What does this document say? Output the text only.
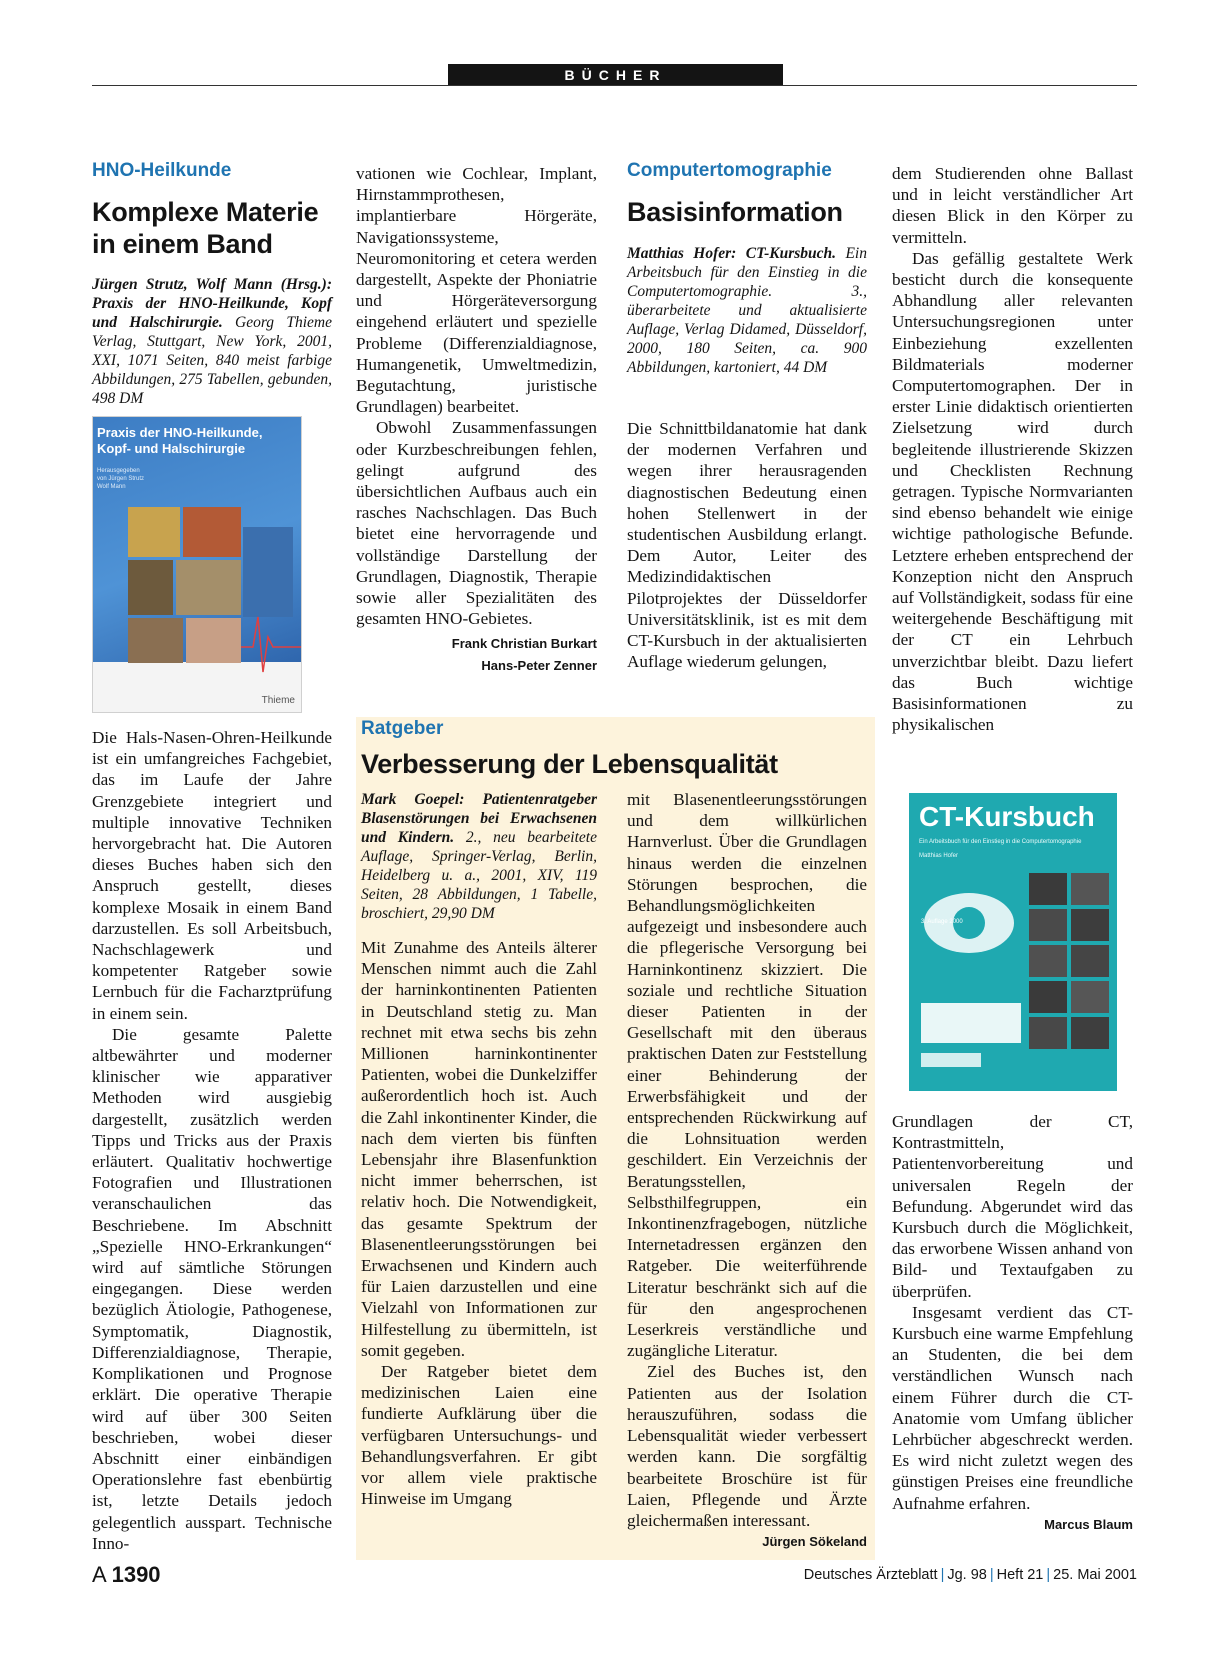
BÜCHER
HNO-Heilkunde
Komplexe Materie in einem Band
Jürgen Strutz, Wolf Mann (Hrsg.): Praxis der HNO-Heilkunde, Kopf und Halschirurgie. Georg Thieme Verlag, Stuttgart, New York, 2001, XXI, 1071 Seiten, 840 meist farbige Abbildungen, 275 Tabellen, gebunden, 498 DM
Praxis der HNO-Heilkunde, Kopf- und Halschirurgie
Herausgegeben von Jürgen Strutz Wolf Mann
Thieme

Die Hals-Nasen-Ohren-Heilkunde ist ein umfangreiches Fachgebiet, das im Laufe der Jahre Grenzgebiete integriert und multiple innovative Techniken hervorgebracht hat. Die Autoren dieses Buches haben sich den Anspruch gestellt, dieses komplexe Mosaik in einem Band darzustellen. Es soll Arbeitsbuch, Nachschlagewerk und kompetenter Ratgeber sowie Lernbuch für die Facharztprüfung in einem sein.

Die gesamte Palette altbewährter und moderner klinischer wie apparativer Methoden wird ausgiebig dargestellt, zusätzlich werden Tipps und Tricks aus der Praxis erläutert. Qualitativ hochwertige Fotografien und Illustrationen veranschaulichen das Beschriebene. Im Abschnitt „Spezielle HNO-Erkrankungen“ wird auf sämtliche Störungen eingegangen. Diese werden bezüglich Ätiologie, Pathogenese, Symptomatik, Diagnostik, Differenzialdiagnose, Therapie, Komplikationen und Prognose erklärt. Die operative Therapie wird auf über 300 Seiten beschrieben, wobei dieser Abschnitt einer einbändigen Operationslehre fast ebenbürtig ist, letzte Details jedoch gelegentlich ausspart. Technische Inno-

vationen wie Cochlear, Implant, Hirnstammprothesen, implantierbare Hörgeräte, Navigationssysteme, Neuromonitoring et cetera werden dargestellt, Aspekte der Phoniatrie und Hörgeräteversorgung eingehend erläutert und spezielle Probleme (Differenzialdiagnose, Humangenetik, Umweltmedizin, Begutachtung, juristische Grundlagen) bearbeitet.

Obwohl Zusammenfassungen oder Kurzbeschreibungen fehlen, gelingt aufgrund des übersichtlichen Aufbaus auch ein rasches Nachschlagen. Das Buch bietet eine hervorragende und vollständige Darstellung der Grundlagen, Diagnostik, Therapie sowie aller Spezialitäten des gesamten HNO-Gebietes.

Frank Christian Burkart
Hans-Peter Zenner
Computertomographie
Basisinformation
Matthias Hofer: CT-Kursbuch. Ein Arbeitsbuch für den Einstieg in die Computertomographie. 3., überarbeitete und aktualisierte Auflage, Verlag Didamed, Düsseldorf, 2000, 180 Seiten, ca. 900 Abbildungen, kartoniert, 44 DM

Die Schnittbildanatomie hat dank der modernen Verfahren und wegen ihrer herausragenden diagnostischen Bedeutung einen hohen Stellenwert in der studentischen Ausbildung erlangt. Dem Autor, Leiter des Medizindidaktischen Pilotprojektes der Düsseldorfer Universitätsklinik, ist es mit dem CT-Kursbuch in der aktualisierten Auflage wiederum gelungen,

dem Studierenden ohne Ballast und in leicht verständlicher Art diesen Blick in den Körper zu vermitteln.

Das gefällig gestaltete Werk besticht durch die konsequente Abhandlung aller relevanten Untersuchungsregionen unter Einbeziehung exzellenten Bildmaterials moderner Computertomographen. Der in erster Linie didaktisch orientierten Zielsetzung wird durch begleitende illustrierende Skizzen und Checklisten Rechnung getragen. Typische Normvarianten sind ebenso behandelt wie einige wichtige pathologische Befunde. Letztere erheben entsprechend der Konzeption nicht den Anspruch auf Vollständigkeit, sodass für eine weitergehende Beschäftigung mit der CT ein Lehrbuch unverzichtbar bleibt. Dazu liefert das Buch wichtige Basisinformationen zu physikalischen

CT-Kursbuch
Ein Arbeitsbuch für den Einstieg in die Computertomographie
Matthias Hofer
3. Auflage 2000

Grundlagen der CT, Kontrastmitteln, Patientenvorbereitung und universalen Regeln der Befundung. Abgerundet wird das Kursbuch durch die Möglichkeit, das erworbene Wissen anhand von Bild- und Textaufgaben zu überprüfen.

Insgesamt verdient das CT-Kursbuch eine warme Empfehlung an Studenten, die bei dem verständlichen Wunsch nach einem Führer durch die CT-Anatomie vom Umfang üblicher Lehrbücher abgeschreckt werden. Es wird nicht zuletzt wegen des günstigen Preises eine freundliche Aufnahme erfahren.
Marcus Blaum

Ratgeber
Verbesserung der Lebensqualität
Mark Goepel: Patientenratgeber Blasenstörungen bei Erwachsenen und Kindern. 2., neu bearbeitete Auflage, Springer-Verlag, Berlin, Heidelberg u. a., 2001, XIV, 119 Seiten, 28 Abbildungen, 1 Tabelle, broschiert, 29,90 DM

Mit Zunahme des Anteils älterer Menschen nimmt auch die Zahl der harninkontinenten Patienten in Deutschland stetig zu. Man rechnet mit etwa sechs bis zehn Millionen harninkontinenter Patienten, wobei die Dunkelziffer außerordentlich hoch ist. Auch die Zahl inkontinenter Kinder, die nach dem vierten bis fünften Lebensjahr ihre Blasenfunktion nicht immer beherrschen, ist relativ hoch. Die Notwendigkeit, das gesamte Spektrum der Blasenentleerungsstörungen bei Erwachsenen und Kindern auch für Laien darzustellen und eine Vielzahl von Informationen zur Hilfestellung zu übermitteln, ist somit gegeben.

Der Ratgeber bietet dem medizinischen Laien eine fundierte Aufklärung über die verfügbaren Untersuchungs- und Behandlungsverfahren. Er gibt vor allem viele praktische Hinweise im Umgang

mit Blasenentleerungsstörungen und dem willkürlichen Harnverlust. Über die Grundlagen hinaus werden die einzelnen Störungen besprochen, die Behandlungsmöglichkeiten aufgezeigt und insbesondere auch die pflegerische Versorgung bei Harninkontinenz skizziert. Die soziale und rechtliche Situation dieser Patienten in der Gesellschaft mit den überaus praktischen Daten zur Feststellung einer Behinderung der Erwerbsfähigkeit und der entsprechenden Rückwirkung auf die Lohnsituation werden geschildert. Ein Verzeichnis der Beratungsstellen, Selbsthilfegruppen, ein Inkontinenzfragebogen, nützliche Internetadressen ergänzen den Ratgeber. Die weiterführende Literatur beschränkt sich auf die für den angesprochenen Leserkreis verständliche und zugängliche Literatur.

Ziel des Buches ist, den Patienten aus der Isolation herauszuführen, sodass die Lebensqualität wieder verbessert werden kann. Die sorgfältig bearbeitete Broschüre ist für Laien, Pflegende und Ärzte gleichermaßen interessant.
Jürgen Sökeland

A 1390	Deutsches Ärzteblatt | Jg. 98 | Heft 21 | 25. Mai 2001
